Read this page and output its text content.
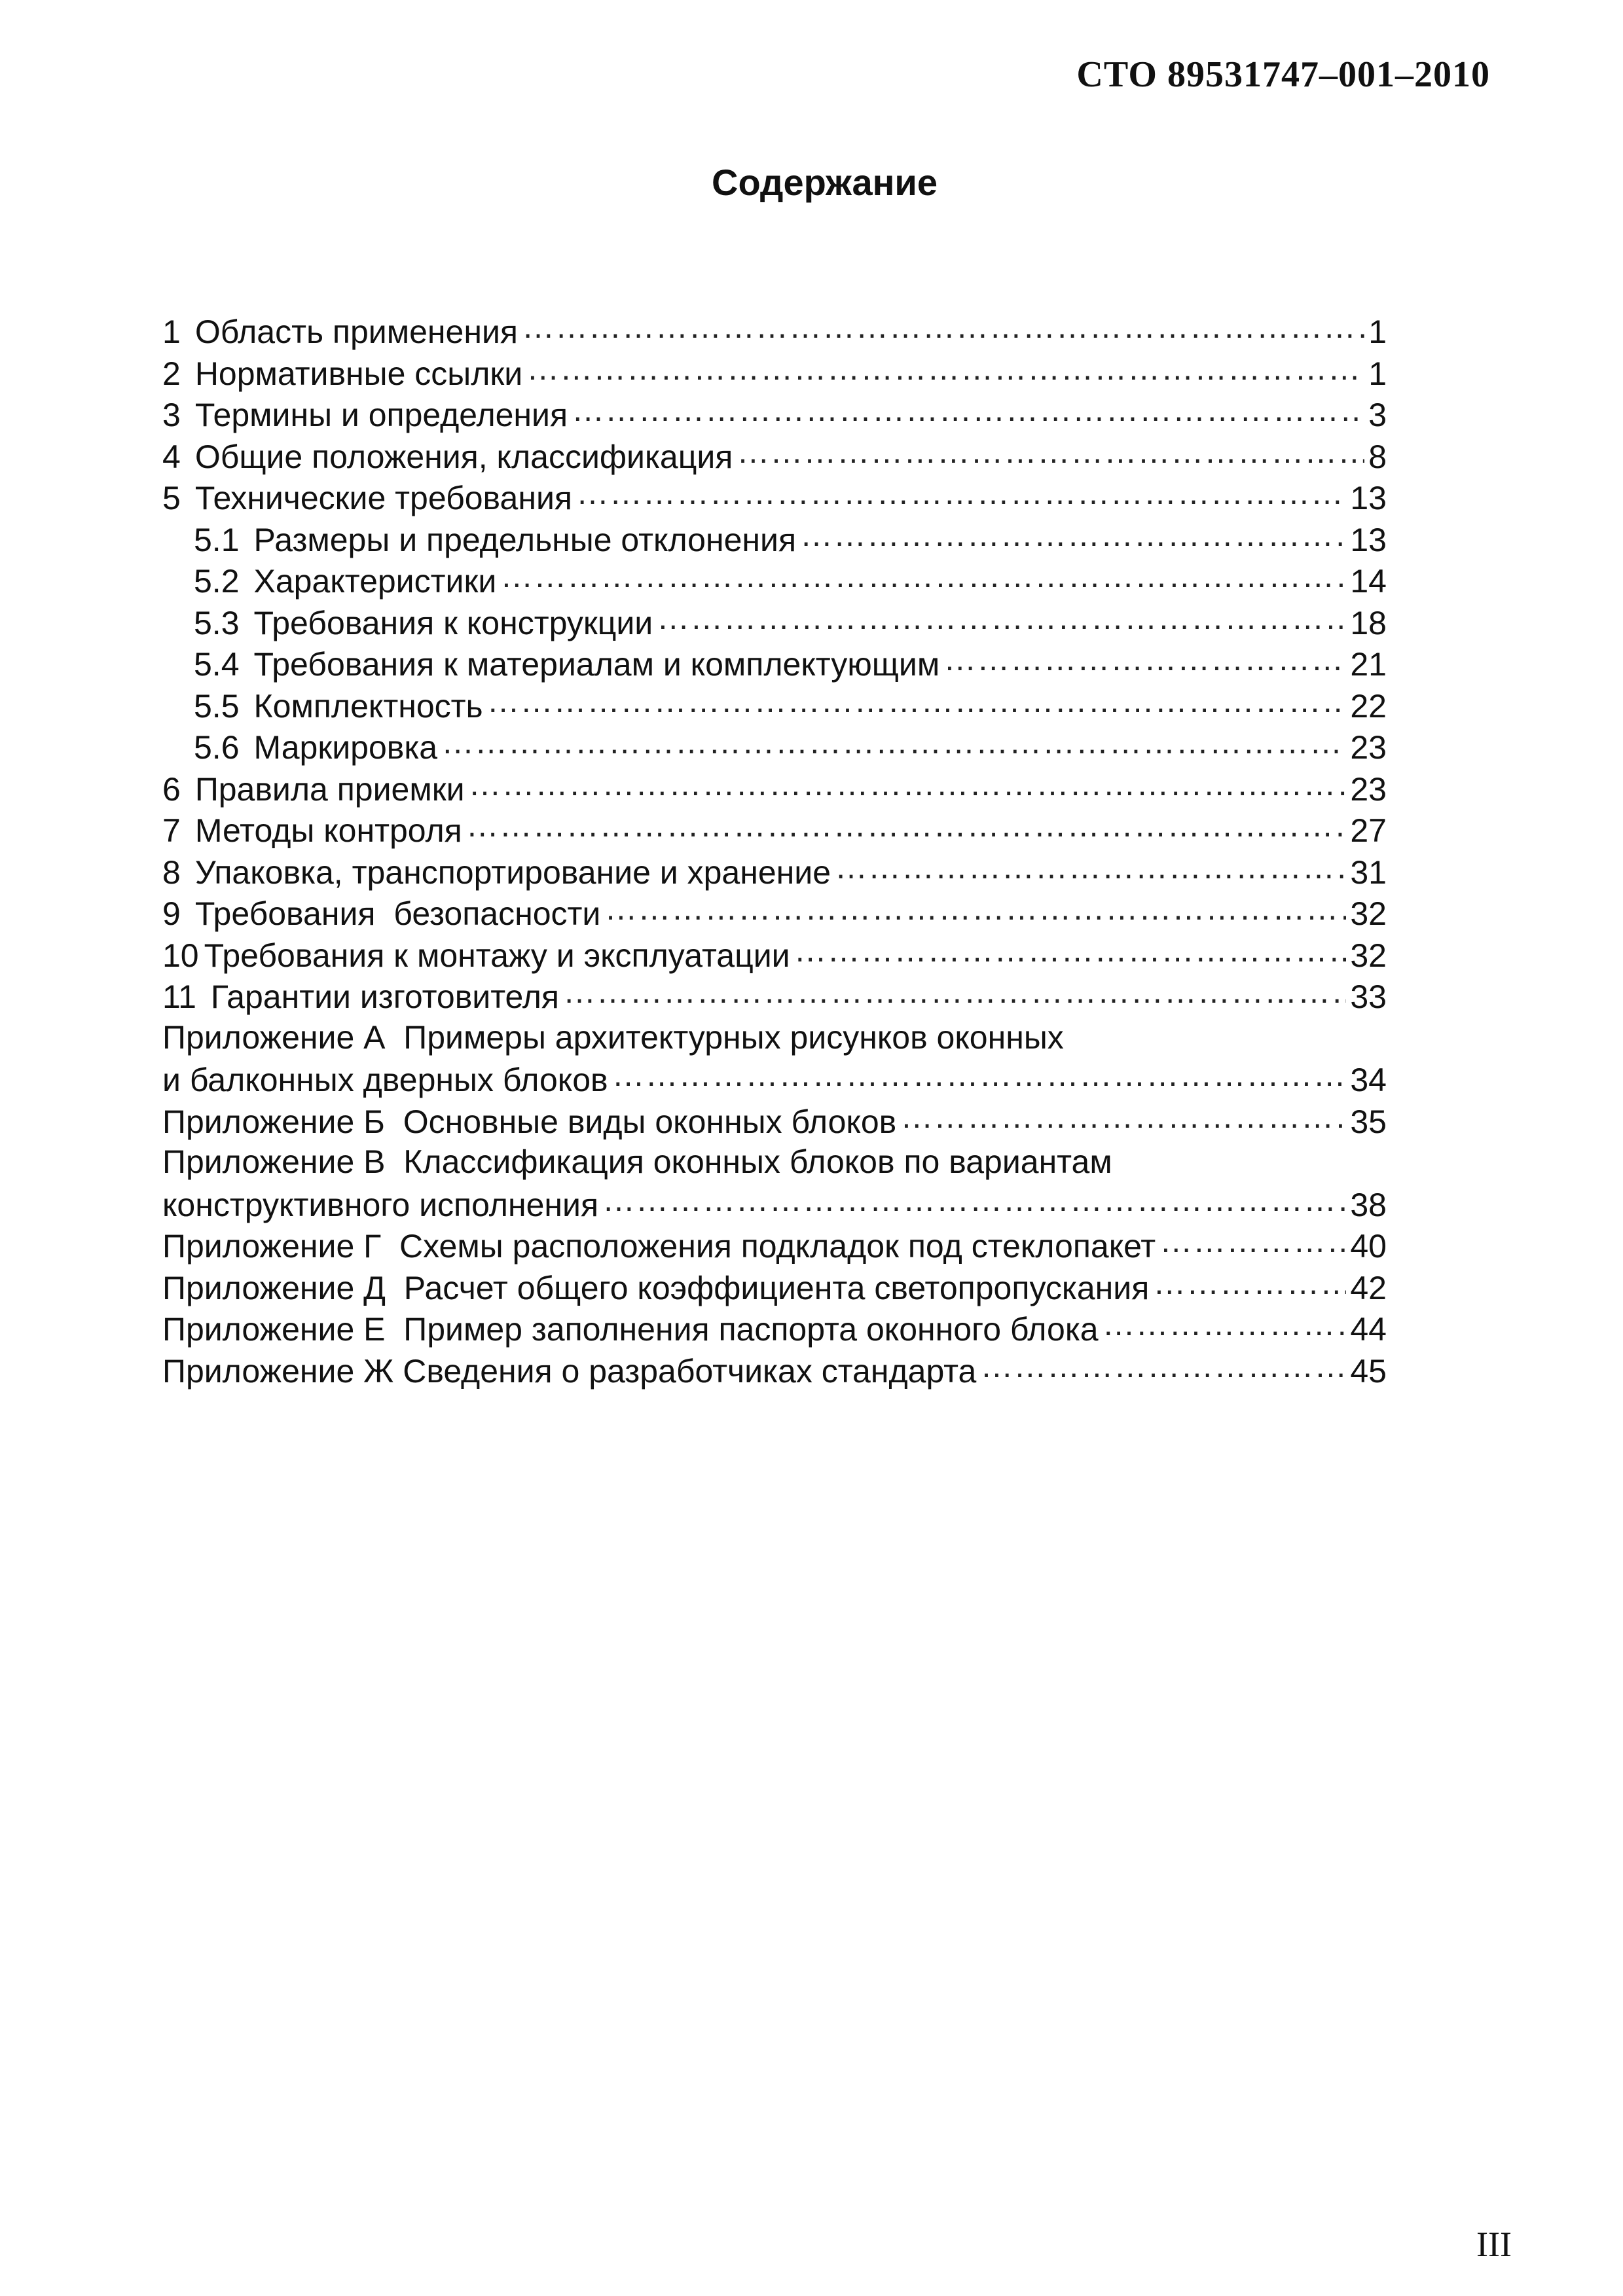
СТО 89531747–001–2010
Содержание
1 Область применения …………………………………………………………………………………………………………………………………………………………………………	1
2 Нормативные ссылки …………………………………………………………………………………………………………………………………………………………………………	1
3 Термины и определения …………………………………………………………………………………………………………………………………………………………………………	3
4 Общие положения, классификация …………………………………………………………………………………………………………………………………………………………………………	8
5 Технические требования …………………………………………………………………………………………………………………………………………………………………………	13
5.1 Размеры и предельные отклонения …………………………………………………………………………………………………………………………………………………………………………	13
5.2 Характеристики …………………………………………………………………………………………………………………………………………………………………………	14
5.3 Требования к конструкции …………………………………………………………………………………………………………………………………………………………………………	18
5.4 Требования к материалам и комплектующим …………………………………………………………………………………………………………………………………………………………………………	21
5.5 Комплектность …………………………………………………………………………………………………………………………………………………………………………	22
5.6 Маркировка …………………………………………………………………………………………………………………………………………………………………………	23
6 Правила приемки …………………………………………………………………………………………………………………………………………………………………………	23
7 Методы контроля …………………………………………………………………………………………………………………………………………………………………………	27
8 Упаковка, транспортирование и хранение …………………………………………………………………………………………………………………………………………………………………………	31
9 Требования  безопасности …………………………………………………………………………………………………………………………………………………………………………	32
10 Требования к монтажу и эксплуатации …………………………………………………………………………………………………………………………………………………………………………	32
11 Гарантии изготовителя …………………………………………………………………………………………………………………………………………………………………………	33
Приложение А  Примеры архитектурных рисунков оконных
и балконных дверных блоков …………………………………………………………………………………………………………………………………………………………………………	34
Приложение Б  Основные виды оконных блоков …………………………………………………………………………………………………………………………………………………………………………	35
Приложение В  Классификация оконных блоков по вариантам
конструктивного исполнения …………………………………………………………………………………………………………………………………………………………………………	38
Приложение Г  Схемы расположения подкладок под стеклопакет …………………………………………………………………………………………………………………………………………………………………………	40
Приложение Д  Расчет общего коэффициента светопропускания …………………………………………………………………………………………………………………………………………………………………………	42
Приложение Е  Пример заполнения паспорта оконного блока …………………………………………………………………………………………………………………………………………………………………………	44
Приложение Ж Сведения о разработчиках стандарта …………………………………………………………………………………………………………………………………………………………………………	45
III
